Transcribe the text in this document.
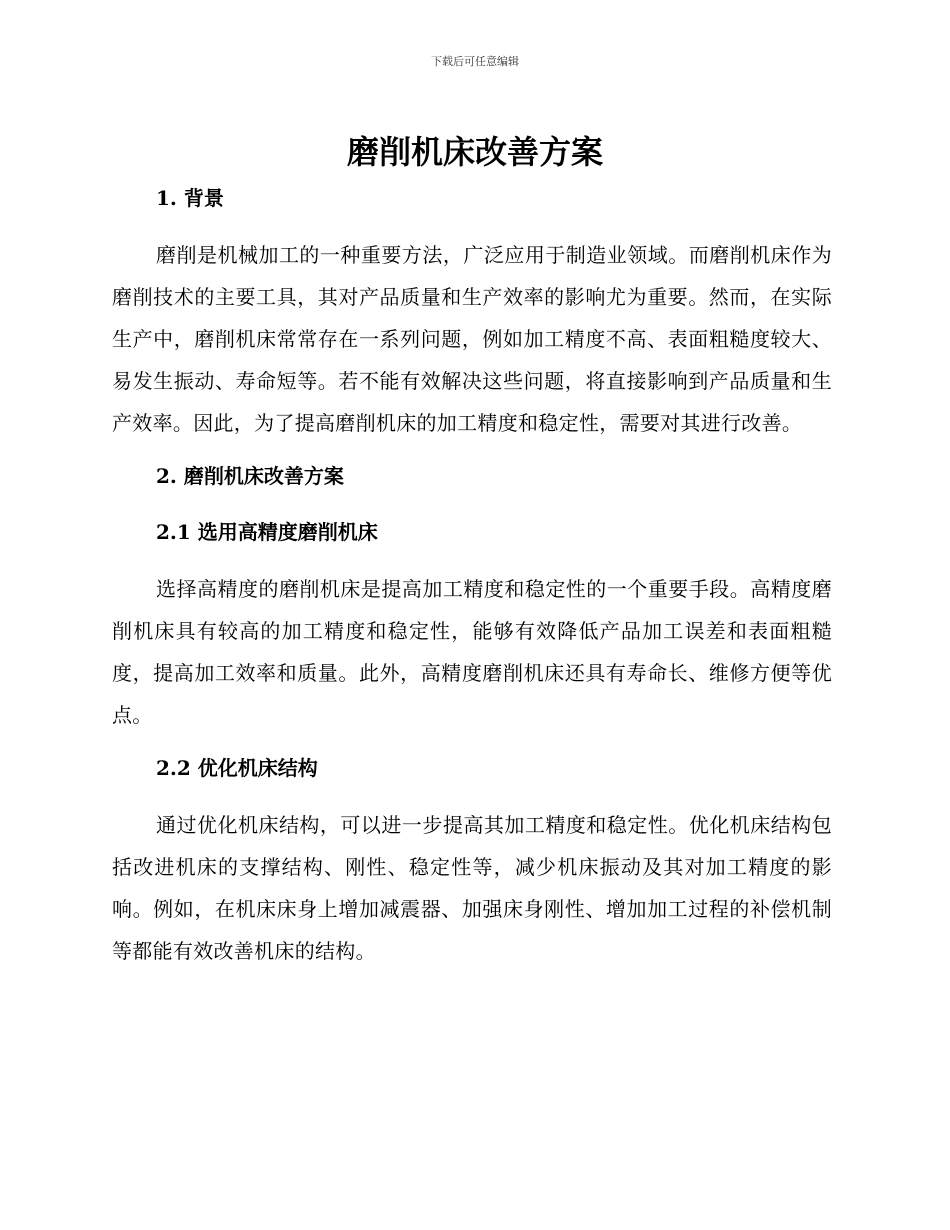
下载后可任意编辑
磨削机床改善方案
1. 背景

磨削是机械加工的一种重要方法，广泛应用于制造业领域。而磨削机床作为磨削技术的主要工具，其对产品质量和生产效率的影响尤为重要。然而，在实际生产中，磨削机床常常存在一系列问题，例如加工精度不高、表面粗糙度较大、易发生振动、寿命短等。若不能有效解决这些问题，将直接影响到产品质量和生产效率。因此，为了提高磨削机床的加工精度和稳定性，需要对其进行改善。

2. 磨削机床改善方案
2.1 选用高精度磨削机床

选择高精度的磨削机床是提高加工精度和稳定性的一个重要手段。高精度磨削机床具有较高的加工精度和稳定性，能够有效降低产品加工误差和表面粗糙度，提高加工效率和质量。此外，高精度磨削机床还具有寿命长、维修方便等优点。

2.2 优化机床结构

通过优化机床结构，可以进一步提高其加工精度和稳定性。优化机床结构包括改进机床的支撑结构、刚性、稳定性等，减少机床振动及其对加工精度的影响。例如，在机床床身上增加减震器、加强床身刚性、增加加工过程的补偿机制等都能有效改善机床的结构。
